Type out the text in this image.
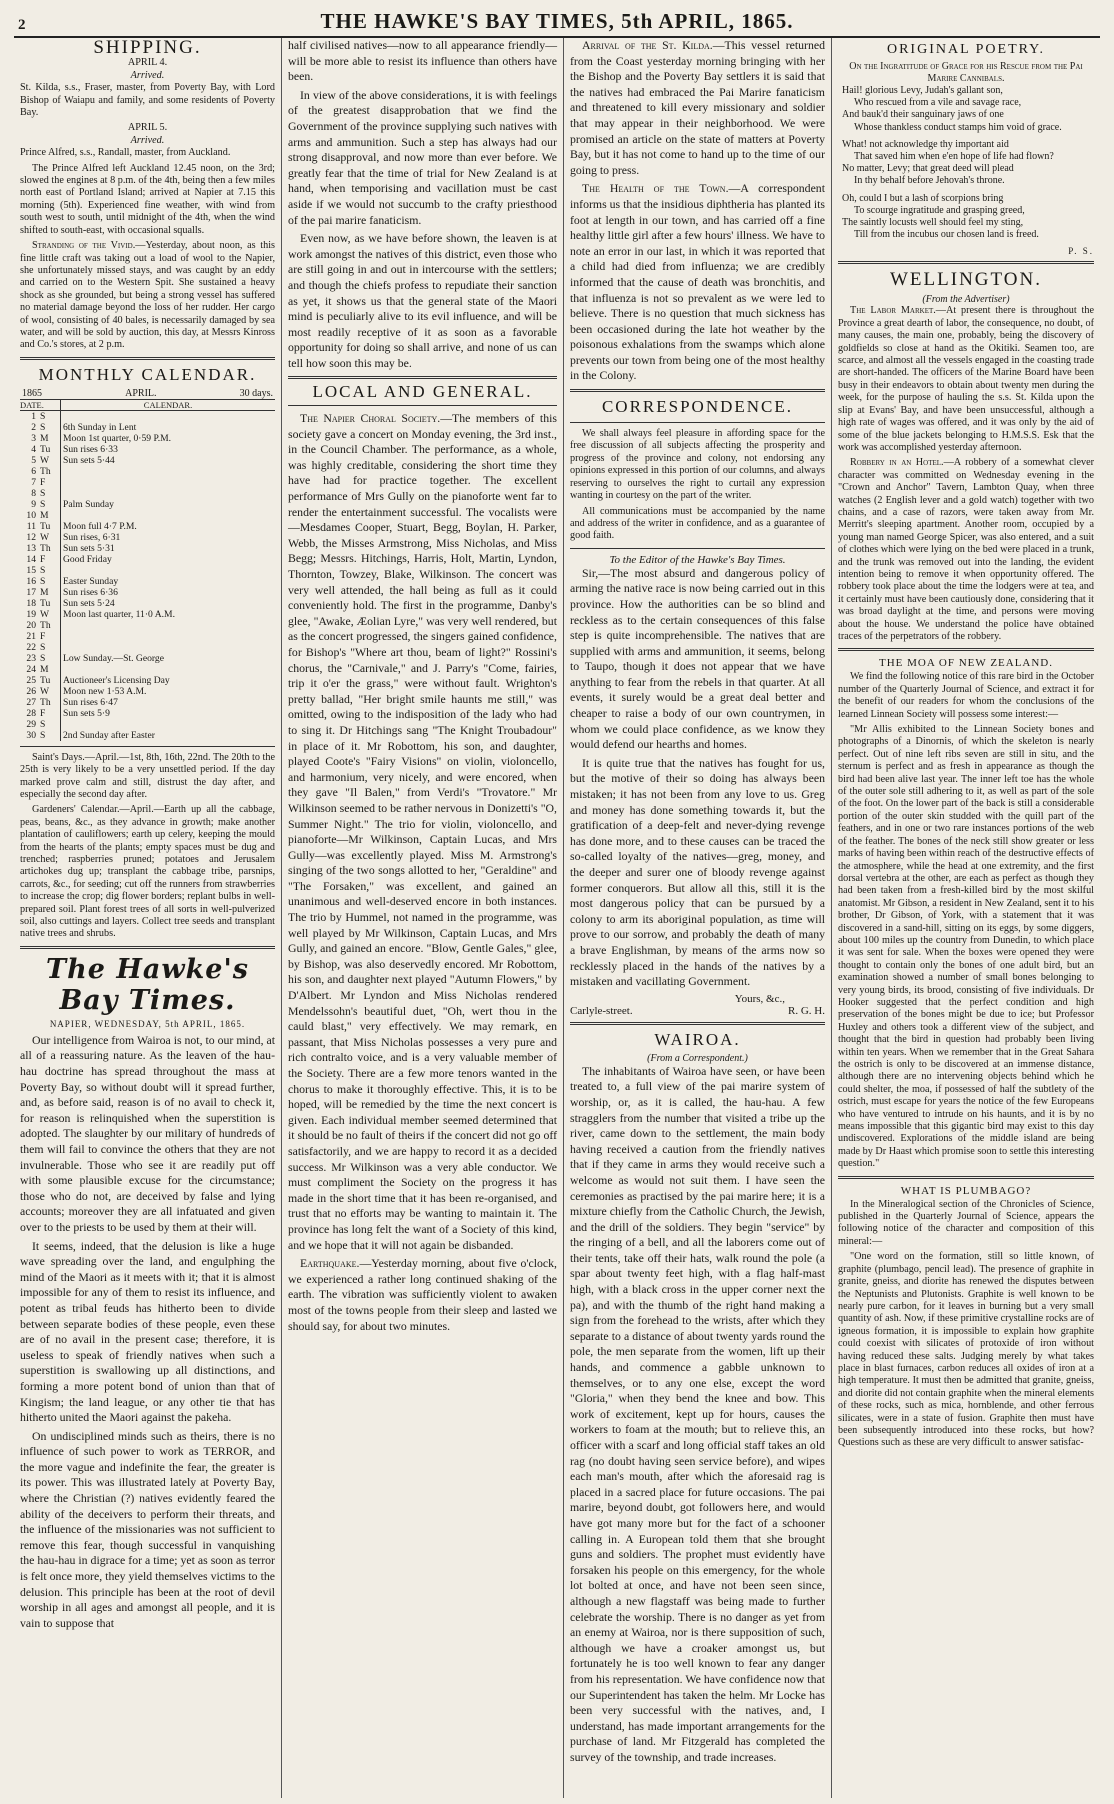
2	THE HAWKE'S BAY TIMES, 5th APRIL, 1865.
SHIPPING.
APRIL 4.
Arrived.

St. Kilda, s.s., Fraser, master, from Poverty Bay, with Lord Bishop of Waiapu and family, and some residents of Poverty Bay.

APRIL 5.
Arrived.

Prince Alfred, s.s., Randall, master, from Auckland.

The Prince Alfred left Auckland 12.45 noon, on the 3rd; slowed the engines at 8 p.m. of the 4th, being then a few miles north east of Portland Island; arrived at Napier at 7.15 this morning (5th). Experienced fine weather, with wind from south west to south, until midnight of the 4th, when the wind shifted to south-east, with occasional squalls.

Stranding of the Vivid.—Yesterday, about noon, as this fine little craft was taking out a load of wool to the Napier, she unfortunately missed stays, and was caught by an eddy and carried on to the Western Spit. She sustained a heavy shock as she grounded, but being a strong vessel has suffered no material damage beyond the loss of her rudder. Her cargo of wool, consisting of 40 bales, is necessarily damaged by sea water, and will be sold by auction, this day, at Messrs Kinross and Co.'s stores, at 2 p.m.

MONTHLY CALENDAR.
1865	APRIL.	30 days.
DATE.	CALENDAR.
1	S	
2	S	6th Sunday in Lent
3	M	Moon 1st quarter, 0·59 P.M.
4	Tu	Sun rises 6·33
5	W	Sun sets 5·44
6	Th	
7	F	
8	S	
9	S	Palm Sunday
10	M	
11	Tu	Moon full 4·7 P.M.
12	W	Sun rises, 6·31
13	Th	Sun sets 5·31
14	F	Good Friday
15	S	
16	S	Easter Sunday
17	M	Sun rises 6·36
18	Tu	Sun sets 5·24
19	W	Moon last quarter, 11·0 A.M.
20	Th	
21	F	
22	S	
23	S	Low Sunday.—St. George
24	M	
25	Tu	Auctioneer's Licensing Day
26	W	Moon new 1·53 A.M.
27	Th	Sun rises 6·47
28	F	Sun sets 5·9
29	S	
30	S	2nd Sunday after Easter

Saint's Days.—April.—1st, 8th, 16th, 22nd. The 20th to the 25th is very likely to be a very unsettled period. If the day marked prove calm and still, distrust the day after, and especially the second day after.

Gardeners' Calendar.—April.—Earth up all the cabbage, peas, beans, &c., as they advance in growth; make another plantation of cauliflowers; earth up celery, keeping the mould from the hearts of the plants; empty spaces must be dug and trenched; raspberries pruned; potatoes and Jerusalem artichokes dug up; transplant the cabbage tribe, parsnips, carrots, &c., for seeding; cut off the runners from strawberries to increase the crop; dig flower borders; replant bulbs in well-prepared soil. Plant forest trees of all sorts in well-pulverized soil, also cuttings and layers. Collect tree seeds and transplant native trees and shrubs.

The Hawke's Bay Times.
NAPIER, WEDNESDAY, 5th APRIL, 1865.

Our intelligence from Wairoa is not, to our mind, at all of a reassuring nature. As the leaven of the hau-hau doctrine has spread throughout the mass at Poverty Bay, so without doubt will it spread further, and, as before said, reason is of no avail to check it, for reason is relinquished when the superstition is adopted. The slaughter by our military of hundreds of them will fail to convince the others that they are not invulnerable. Those who see it are readily put off with some plausible excuse for the circumstance; those who do not, are deceived by false and lying accounts; moreover they are all infatuated and given over to the priests to be used by them at their will.

It seems, indeed, that the delusion is like a huge wave spreading over the land, and engulphing the mind of the Maori as it meets with it; that it is almost impossible for any of them to resist its influence, and potent as tribal feuds has hitherto been to divide between separate bodies of these people, even these are of no avail in the present case; therefore, it is useless to speak of friendly natives when such a superstition is swallowing up all distinctions, and forming a more potent bond of union than that of Kingism; the land league, or any other tie that has hitherto united the Maori against the pakeha.

On undisciplined minds such as theirs, there is no influence of such power to work as TERROR, and the more vague and indefinite the fear, the greater is its power. This was illustrated lately at Poverty Bay, where the Christian (?) natives evidently feared the ability of the deceivers to perform their threats, and the influence of the missionaries was not sufficient to remove this fear, though successful in vanquishing the hau-hau in digrace for a time; yet as soon as terror is felt once more, they yield themselves victims to the delusion. This principle has been at the root of devil worship in all ages and amongst all people, and it is vain to suppose that

half civilised natives—now to all appearance friendly—will be more able to resist its influence than others have been.

In view of the above considerations, it is with feelings of the greatest disapprobation that we find the Government of the province supplying such natives with arms and ammunition. Such a step has always had our strong disapproval, and now more than ever before. We greatly fear that the time of trial for New Zealand is at hand, when temporising and vacillation must be cast aside if we would not succumb to the crafty priesthood of the pai marire fanaticism.

Even now, as we have before shown, the leaven is at work amongst the natives of this district, even those who are still going in and out in intercourse with the settlers; and though the chiefs profess to repudiate their sanction as yet, it shows us that the general state of the Maori mind is peculiarly alive to its evil influence, and will be most readily receptive of it as soon as a favorable opportunity for doing so shall arrive, and none of us can tell how soon this may be.

LOCAL AND GENERAL.

The Napier Choral Society.—The members of this society gave a concert on Monday evening, the 3rd inst., in the Council Chamber. The performance, as a whole, was highly creditable, considering the short time they have had for practice together. The excellent performance of Mrs Gully on the pianoforte went far to render the entertainment successful. The vocalists were—Mesdames Cooper, Stuart, Begg, Boylan, H. Parker, Webb, the Misses Armstrong, Miss Nicholas, and Miss Begg; Messrs. Hitchings, Harris, Holt, Martin, Lyndon, Thornton, Towzey, Blake, Wilkinson. The concert was very well attended, the hall being as full as it could conveniently hold. The first in the programme, Danby's glee, "Awake, Æolian Lyre," was very well rendered, but as the concert progressed, the singers gained confidence, for Bishop's "Where art thou, beam of light?" Rossini's chorus, the "Carnivale," and J. Parry's "Come, fairies, trip it o'er the grass," were without fault. Wrighton's pretty ballad, "Her bright smile haunts me still," was omitted, owing to the indisposition of the lady who had to sing it. Dr Hitchings sang "The Knight Troubadour" in place of it. Mr Robottom, his son, and daughter, played Coote's "Fairy Visions" on violin, violoncello, and harmonium, very nicely, and were encored, when they gave "Il Balen," from Verdi's "Trovatore." Mr Wilkinson seemed to be rather nervous in Donizetti's "O, Summer Night." The trio for violin, violoncello, and pianoforte—Mr Wilkinson, Captain Lucas, and Mrs Gully—was excellently played. Miss M. Armstrong's singing of the two songs allotted to her, "Geraldine" and "The Forsaken," was excellent, and gained an unanimous and well-deserved encore in both instances. The trio by Hummel, not named in the programme, was well played by Mr Wilkinson, Captain Lucas, and Mrs Gully, and gained an encore. "Blow, Gentle Gales," glee, by Bishop, was also deservedly encored. Mr Robottom, his son, and daughter next played "Autumn Flowers," by D'Albert. Mr Lyndon and Miss Nicholas rendered Mendelssohn's beautiful duet, "Oh, wert thou in the cauld blast," very effectively. We may remark, en passant, that Miss Nicholas possesses a very pure and rich contralto voice, and is a very valuable member of the Society. There are a few more tenors wanted in the chorus to make it thoroughly effective. This, it is to be hoped, will be remedied by the time the next concert is given. Each individual member seemed determined that it should be no fault of theirs if the concert did not go off satisfactorily, and we are happy to record it as a decided success. Mr Wilkinson was a very able conductor. We must compliment the Society on the progress it has made in the short time that it has been re-organised, and trust that no efforts may be wanting to maintain it. The province has long felt the want of a Society of this kind, and we hope that it will not again be disbanded.

Earthquake.—Yesterday morning, about five o'clock, we experienced a rather long continued shaking of the earth. The vibration was sufficiently violent to awaken most of the towns people from their sleep and lasted we should say, for about two minutes.

Arrival of the St. Kilda.—This vessel returned from the Coast yesterday morning bringing with her the Bishop and the Poverty Bay settlers it is said that the natives had embraced the Pai Marire fanaticism and threatened to kill every missionary and soldier that may appear in their neighborhood. We were promised an article on the state of matters at Poverty Bay, but it has not come to hand up to the time of our going to press.

The Health of the Town.—A correspondent informs us that the insidious diphtheria has planted its foot at length in our town, and has carried off a fine healthy little girl after a few hours' illness. We have to note an error in our last, in which it was reported that a child had died from influenza; we are credibly informed that the cause of death was bronchitis, and that influenza is not so prevalent as we were led to believe. There is no question that much sickness has been occasioned during the late hot weather by the poisonous exhalations from the swamps which alone prevents our town from being one of the most healthy in the Colony.

CORRESPONDENCE.

We shall always feel pleasure in affording space for the free discussion of all subjects affecting the prosperity and progress of the province and colony, not endorsing any opinions expressed in this portion of our columns, and always reserving to ourselves the right to curtail any expression wanting in courtesy on the part of the writer.

All communications must be accompanied by the name and address of the writer in confidence, and as a guarantee of good faith.

To the Editor of the Hawke's Bay Times.

Sir,—The most absurd and dangerous policy of arming the native race is now being carried out in this province. How the authorities can be so blind and reckless as to the certain consequences of this false step is quite incomprehensible. The natives that are supplied with arms and ammunition, it seems, belong to Taupo, though it does not appear that we have anything to fear from the rebels in that quarter. At all events, it surely would be a great deal better and cheaper to raise a body of our own countrymen, in whom we could place confidence, as we know they would defend our hearths and homes.

It is quite true that the natives has fought for us, but the motive of their so doing has always been mistaken; it has not been from any love to us. Greg and money has done something towards it, but the gratification of a deep-felt and never-dying revenge has done more, and to these causes can be traced the so-called loyalty of the natives—greg, money, and the deeper and surer one of bloody revenge against former conquerors. But allow all this, still it is the most dangerous policy that can be pursued by a colony to arm its aboriginal population, as time will prove to our sorrow, and probably the death of many a brave Englishman, by means of the arms now so recklessly placed in the hands of the natives by a mistaken and vacillating Government.

Yours, &c.,
Carlyle-street.	R. G. H.
WAIROA.
(From a Correspondent.)

The inhabitants of Wairoa have seen, or have been treated to, a full view of the pai marire system of worship, or, as it is called, the hau-hau. A few stragglers from the number that visited a tribe up the river, came down to the settlement, the main body having received a caution from the friendly natives that if they came in arms they would receive such a welcome as would not suit them. I have seen the ceremonies as practised by the pai marire here; it is a mixture chiefly from the Catholic Church, the Jewish, and the drill of the soldiers. They begin "service" by the ringing of a bell, and all the laborers come out of their tents, take off their hats, walk round the pole (a spar about twenty feet high, with a flag half-mast high, with a black cross in the upper corner next the pa), and with the thumb of the right hand making a sign from the forehead to the wrists, after which they separate to a distance of about twenty yards round the pole, the men separate from the women, lift up their hands, and commence a gabble unknown to themselves, or to any one else, except the word "Gloria," when they bend the knee and bow. This work of excitement, kept up for hours, causes the workers to foam at the mouth; but to relieve this, an officer with a scarf and long official staff takes an old rag (no doubt having seen service before), and wipes each man's mouth, after which the aforesaid rag is placed in a sacred place for future occasions. The pai marire, beyond doubt, got followers here, and would have got many more but for the fact of a schooner calling in. A European told them that she brought guns and soldiers. The prophet must evidently have forsaken his people on this emergency, for the whole lot bolted at once, and have not been seen since, although a new flagstaff was being made to further celebrate the worship. There is no danger as yet from an enemy at Wairoa, nor is there supposition of such, although we have a croaker amongst us, but fortunately he is too well known to fear any danger from his representation. We have confidence now that our Superintendent has taken the helm. Mr Locke has been very successful with the natives, and, I understand, has made important arrangements for the purchase of land. Mr Fitzgerald has completed the survey of the township, and trade increases.

ORIGINAL POETRY.
On the Ingratitude of Grace for his Rescue from the Pai Marire Cannibals.
Hail! glorious Levy, Judah's gallant son,
Who rescued from a vile and savage race,
And bauk'd their sanguinary jaws of one
Whose thankless conduct stamps him void of grace.
What! not acknowledge thy important aid
That saved him when e'en hope of life had flown?
No matter, Levy; that great deed will plead
In thy behalf before Jehovah's throne.
Oh, could I but a lash of scorpions bring
To scourge ingratitude and grasping greed,
The saintly locusts well should feel my sting,
Till from the incubus our chosen land is freed.
P. S.
WELLINGTON.
(From the Advertiser)

The Labor Market.—At present there is throughout the Province a great dearth of labor, the consequence, no doubt, of many causes, the main one, probably, being the discovery of goldfields so close at hand as the Okitiki. Seamen too, are scarce, and almost all the vessels engaged in the coasting trade are short-handed. The officers of the Marine Board have been busy in their endeavors to obtain about twenty men during the week, for the purpose of hauling the s.s. St. Kilda upon the slip at Evans' Bay, and have been unsuccessful, although a high rate of wages was offered, and it was only by the aid of some of the blue jackets belonging to H.M.S.S. Esk that the work was accomplished yesterday afternoon.

Robbery in an Hotel.—A robbery of a somewhat clever character was committed on Wednesday evening in the "Crown and Anchor" Tavern, Lambton Quay, when three watches (2 English lever and a gold watch) together with two chains, and a case of razors, were taken away from Mr. Merritt's sleeping apartment. Another room, occupied by a young man named George Spicer, was also entered, and a suit of clothes which were lying on the bed were placed in a trunk, and the trunk was removed out into the landing, the evident intention being to remove it when opportunity offered. The robbery took place about the time the lodgers were at tea, and it certainly must have been cautiously done, considering that it was broad daylight at the time, and persons were moving about the house. We understand the police have obtained traces of the perpetrators of the robbery.

THE MOA OF NEW ZEALAND.

We find the following notice of this rare bird in the October number of the Quarterly Journal of Science, and extract it for the benefit of our readers for whom the conclusions of the learned Linnean Society will possess some interest:—

"Mr Allis exhibited to the Linnean Society bones and photographs of a Dinornis, of which the skeleton is nearly perfect. Out of nine left ribs seven are still in situ, and the sternum is perfect and as fresh in appearance as though the bird had been alive last year. The inner left toe has the whole of the outer sole still adhering to it, as well as part of the sole of the foot. On the lower part of the back is still a considerable portion of the outer skin studded with the quill part of the feathers, and in one or two rare instances portions of the web of the feather. The bones of the neck still show greater or less marks of having been within reach of the destructive effects of the atmosphere, while the head at one extremity, and the first dorsal vertebra at the other, are each as perfect as though they had been taken from a fresh-killed bird by the most skilful anatomist. Mr Gibson, a resident in New Zealand, sent it to his brother, Dr Gibson, of York, with a statement that it was discovered in a sand-hill, sitting on its eggs, by some diggers, about 100 miles up the country from Dunedin, to which place it was sent for sale. When the boxes were opened they were thought to contain only the bones of one adult bird, but an examination showed a number of small bones belonging to very young birds, its brood, consisting of five individuals. Dr Hooker suggested that the perfect condition and high preservation of the bones might be due to ice; but Professor Huxley and others took a different view of the subject, and thought that the bird in question had probably been living within ten years. When we remember that in the Great Sahara the ostrich is only to be discovered at an immense distance, although there are no intervening objects behind which he could shelter, the moa, if possessed of half the subtlety of the ostrich, must escape for years the notice of the few Europeans who have ventured to intrude on his haunts, and it is by no means impossible that this gigantic bird may exist to this day undiscovered. Explorations of the middle island are being made by Dr Haast which promise soon to settle this interesting question."

WHAT IS PLUMBAGO?

In the Mineralogical section of the Chronicles of Science, published in the Quarterly Journal of Science, appears the following notice of the character and composition of this mineral:—

"One word on the formation, still so little known, of graphite (plumbago, pencil lead). The presence of graphite in granite, gneiss, and diorite has renewed the disputes between the Neptunists and Plutonists. Graphite is well known to be nearly pure carbon, for it leaves in burning but a very small quantity of ash. Now, if these primitive crystalline rocks are of igneous formation, it is impossible to explain how graphite could coexist with silicates of protoxide of iron without having reduced these salts. Judging merely by what takes place in blast furnaces, carbon reduces all oxides of iron at a high temperature. It must then be admitted that granite, gneiss, and diorite did not contain graphite when the mineral elements of these rocks, such as mica, hornblende, and other ferrous silicates, were in a state of fusion. Graphite then must have been subsequently introduced into these rocks, but how? Questions such as these are very difficult to answer satisfac-
